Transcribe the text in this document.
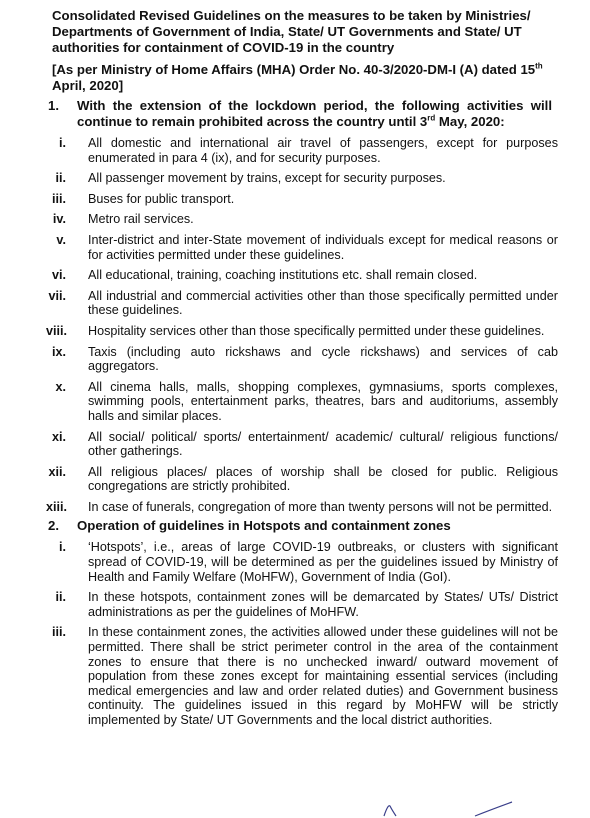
Consolidated Revised Guidelines on the measures to be taken by Ministries/ Departments of Government of India, State/ UT Governments and State/ UT authorities for containment of COVID-19 in the country

[As per Ministry of Home Affairs (MHA) Order No. 40-3/2020-DM-I (A) dated 15th April, 2020]

1.	With the extension of the lockdown period, the following activities will continue to remain prohibited across the country until 3rd May, 2020:
i.	All domestic and international air travel of passengers, except for purposes enumerated in para 4 (ix), and for security purposes.
ii.	All passenger movement by trains, except for security purposes.
iii.	Buses for public transport.
iv.	Metro rail services.
v.	Inter-district and inter-State movement of individuals except for medical reasons or for activities permitted under these guidelines.
vi.	All educational, training, coaching institutions etc. shall remain closed.
vii.	All industrial and commercial activities other than those specifically permitted under these guidelines.
viii.	Hospitality services other than those specifically permitted under these guidelines.
ix.	Taxis (including auto rickshaws and cycle rickshaws) and services of cab aggregators.
x.	All cinema halls, malls, shopping complexes, gymnasiums, sports complexes, swimming pools, entertainment parks, theatres, bars and auditoriums, assembly halls and similar places.
xi.	All social/ political/ sports/ entertainment/ academic/ cultural/ religious functions/ other gatherings.
xii.	All religious places/ places of worship shall be closed for public. Religious congregations are strictly prohibited.
xiii.	In case of funerals, congregation of more than twenty persons will not be permitted.
2.	Operation of guidelines in Hotspots and containment zones
i.	‘Hotspots’, i.e., areas of large COVID-19 outbreaks, or clusters with significant spread of COVID-19, will be determined as per the guidelines issued by Ministry of Health and Family Welfare (MoHFW), Government of India (GoI).
ii.	In these hotspots, containment zones will be demarcated by States/ UTs/ District administrations as per the guidelines of MoHFW.
iii.	In these containment zones, the activities allowed under these guidelines will not be permitted. There shall be strict perimeter control in the area of the containment zones to ensure that there is no unchecked inward/ outward movement of population from these zones except for maintaining essential services (including medical emergencies and law and order related duties) and Government business continuity. The guidelines issued in this regard by MoHFW will be strictly implemented by State/ UT Governments and the local district authorities.
